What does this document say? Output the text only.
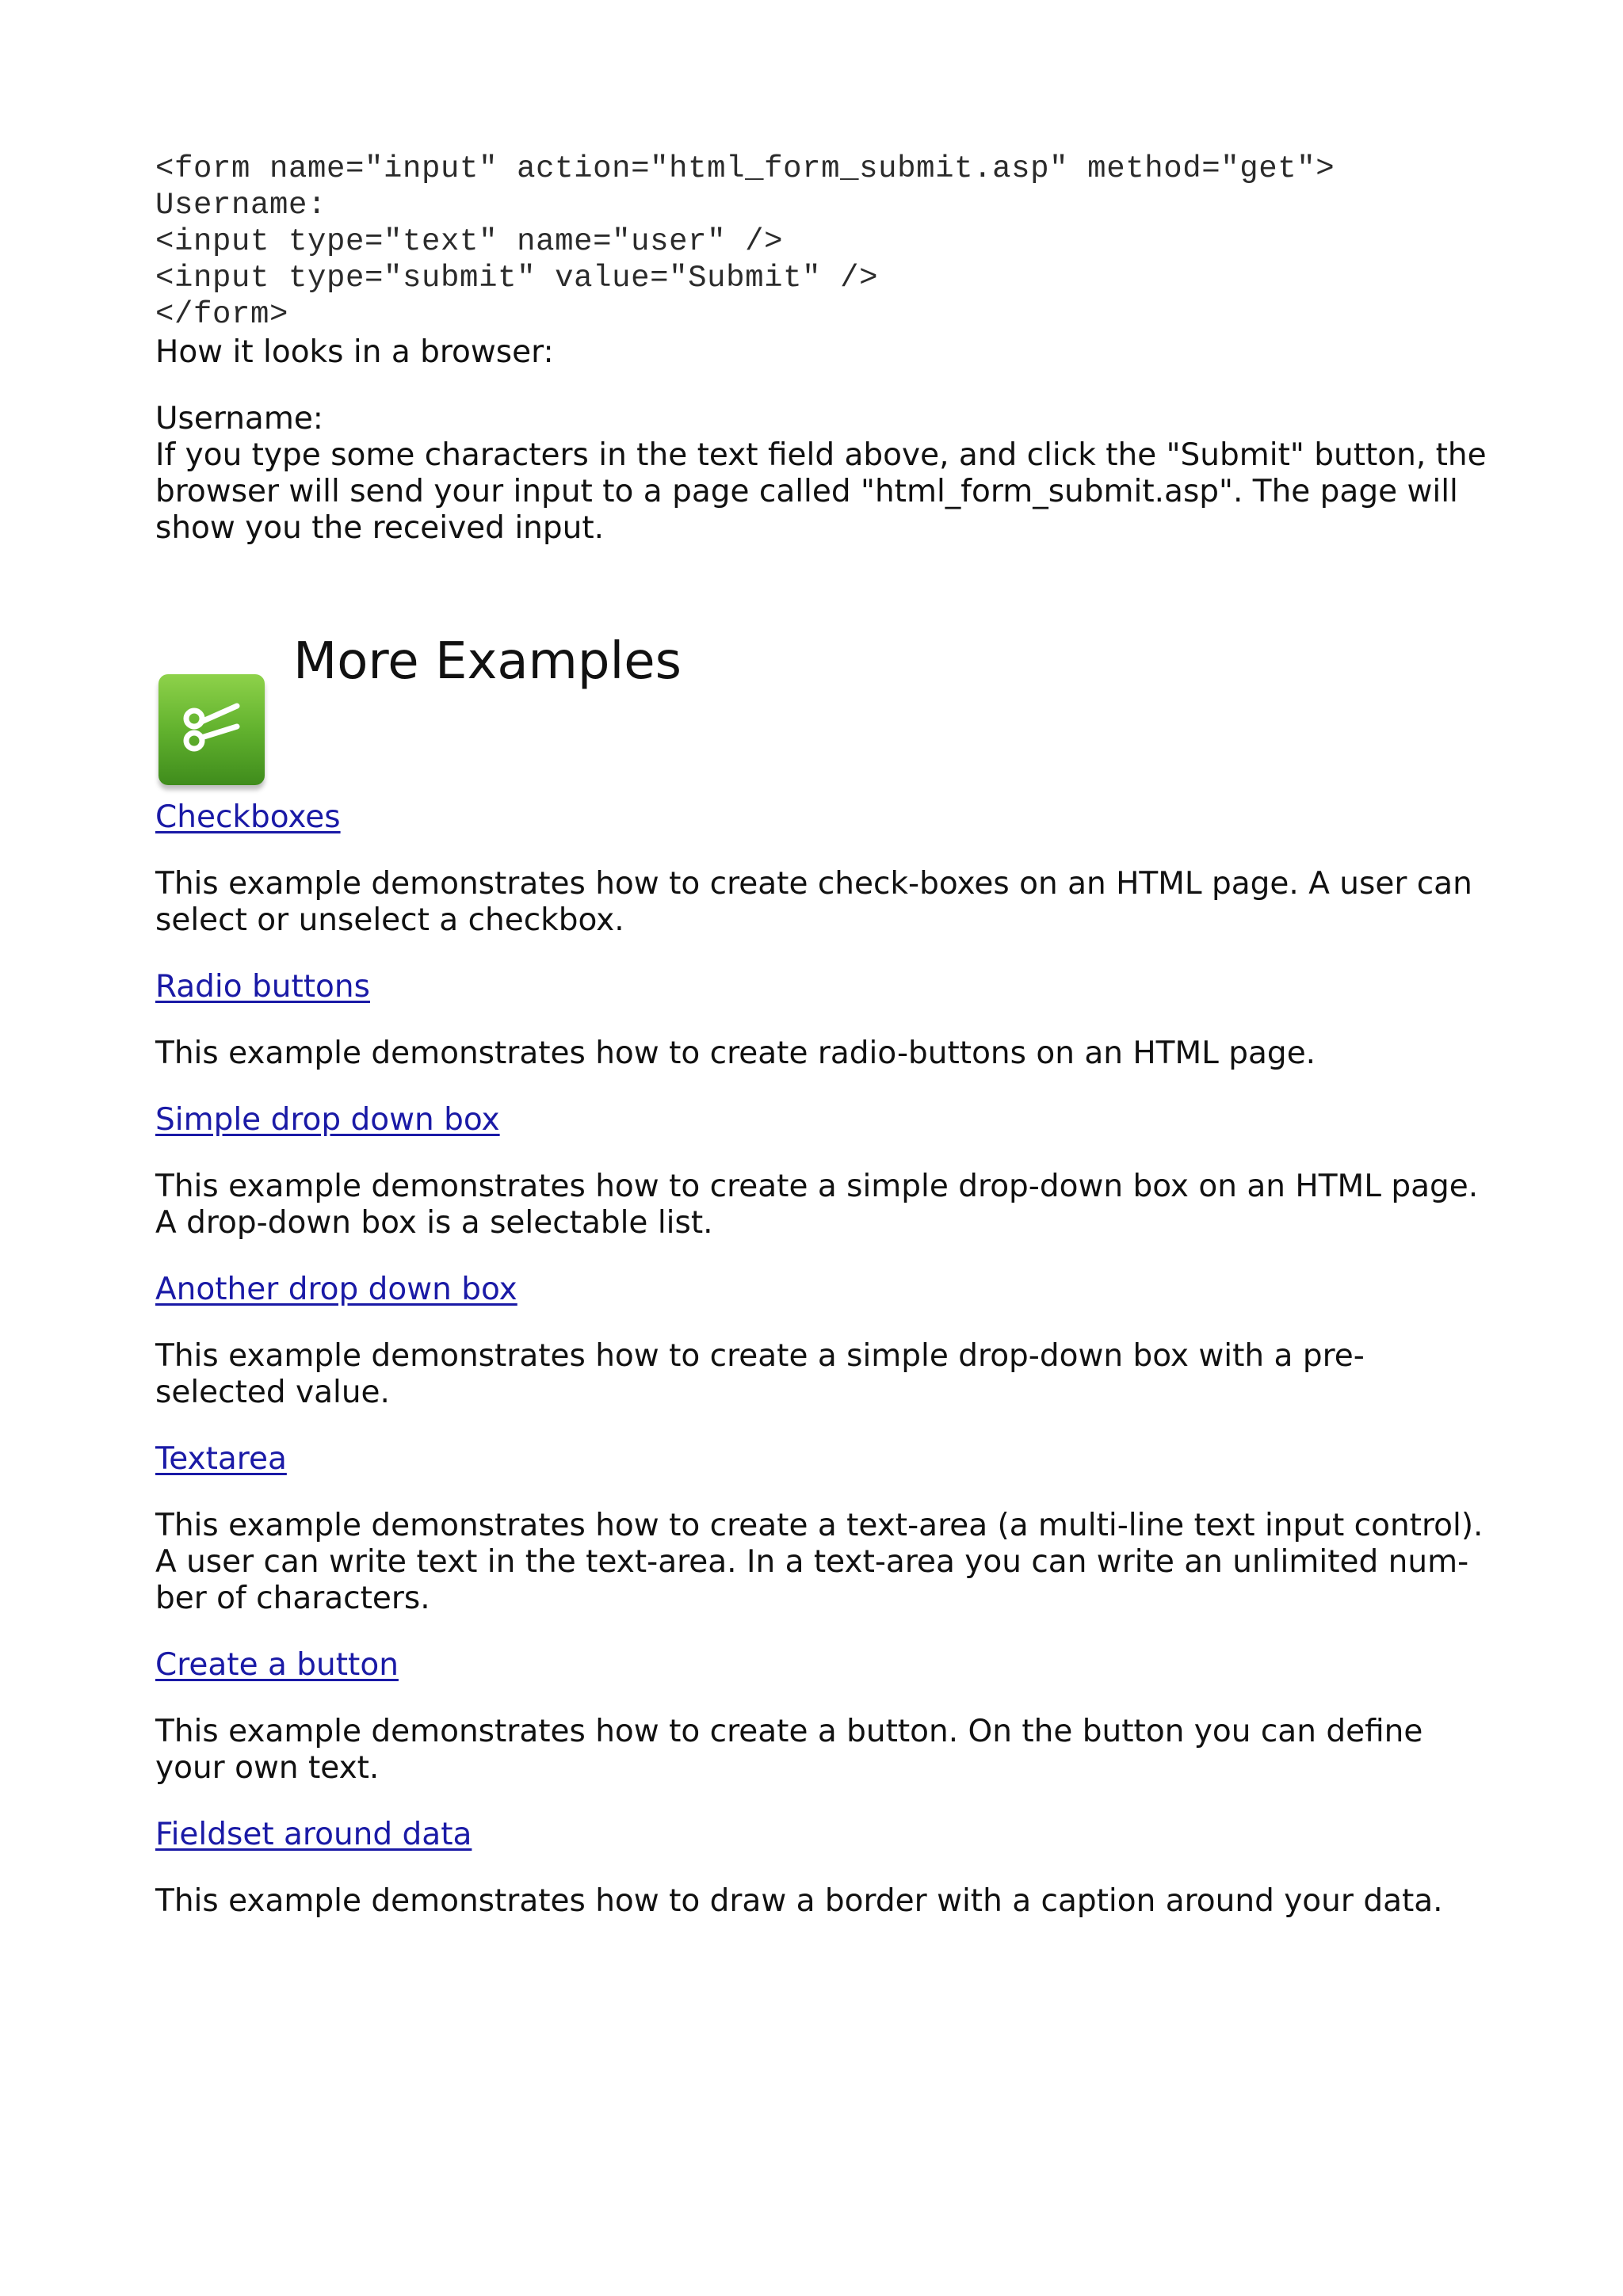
<form name="input" action="html_form_submit.asp" method="get">
Username:
<input type="text" name="user" />
<input type="submit" value="Submit" />
</form>

How it looks in a browser:

Username:

If you type some characters in the text field above, and click the "Submit" button, the browser will send your input to a page called "html_form_submit.asp". The page will show you the received input.

More Examples
Checkboxes

This example demonstrates how to create check-boxes on an HTML page. A user can select or unselect a checkbox.

Radio buttons

This example demonstrates how to create radio-buttons on an HTML page.

Simple drop down box

This example demonstrates how to create a simple drop-down box on an HTML page. A drop-down box is a selectable list.

Another drop down box

This example demonstrates how to create a simple drop-down box with a pre-selected value.

Textarea

This example demonstrates how to create a text-area (a multi-line text input control). A user can write text in the text-area. In a text-area you can write an unlimited num-ber of characters.

Create a button

This example demonstrates how to create a button. On the button you can define your own text.

Fieldset around data

This example demonstrates how to draw a border with a caption around your data.
